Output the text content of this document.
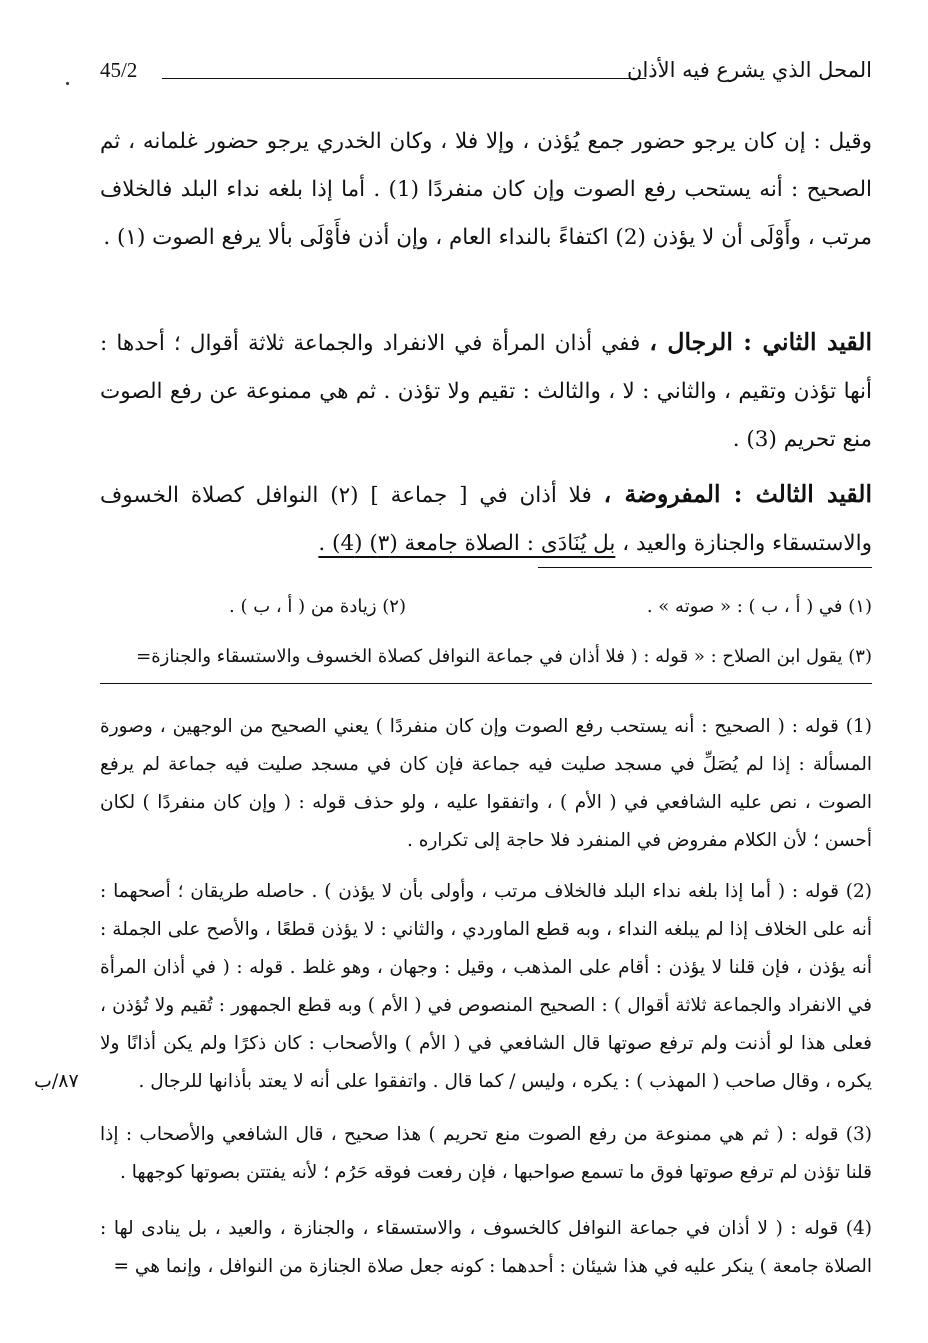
المحل الذي يشرع فيه الأذان
45/2

وقيل : إن كان يرجو حضور جمع يُؤذن ، وإلا فلا ، وكان الخدري يرجو حضور غلمانه ، ثم الصحيح : أنه يستحب رفع الصوت وإن كان منفردًا (1) . أما إذا بلغه نداء البلد فالخلاف مرتب ، وأَوْلَى أن لا يؤذن (2) اكتفاءً بالنداء العام ، وإن أذن فأَوْلَى بألا يرفع الصوت (١) .

القيد الثاني : الرجال ، ففي أذان المرأة في الانفراد والجماعة ثلاثة أقوال ؛ أحدها : أنها تؤذن وتقيم ، والثاني : لا ، والثالث : تقيم ولا تؤذن . ثم هي ممنوعة عن رفع الصوت منع تحريم (3) .

القيد الثالث : المفروضة ، فلا أذان في [ جماعة ] (٢) النوافل كصلاة الخسوف والاستسقاء والجنازة والعيد ، بل يُنَادَى : الصلاة جامعة (٣) (4) .

(١) في ( أ ، ب ) : « صوته » .
(٢) زيادة من ( أ ، ب ) .
(٣) يقول ابن الصلاح : « قوله : ( فلا أذان في جماعة النوافل كصلاة الخسوف والاستسقاء والجنازة=

(1) قوله : ( الصحيح : أنه يستحب رفع الصوت وإن كان منفردًا ) يعني الصحيح من الوجهين ، وصورة المسألة : إذا لم يُصَلِّ في مسجد صليت فيه جماعة فإن كان في مسجد صليت فيه جماعة لم يرفع الصوت ، نص عليه الشافعي في ( الأم ) ، واتفقوا عليه ، ولو حذف قوله : ( وإن كان منفردًا ) لكان أحسن ؛ لأن الكلام مفروض في المنفرد فلا حاجة إلى تكراره .

(2) قوله : ( أما إذا بلغه نداء البلد فالخلاف مرتب ، وأولى بأن لا يؤذن ) . حاصله طريقان ؛ أصحهما : أنه على الخلاف إذا لم يبلغه النداء ، وبه قطع الماوردي ، والثاني : لا يؤذن قطعًا ، والأصح على الجملة : أنه يؤذن ، فإن قلنا لا يؤذن : أقام على المذهب ، وقيل : وجهان ، وهو غلط . قوله : ( في أذان المرأة في الانفراد والجماعة ثلاثة أقوال ) : الصحيح المنصوص في ( الأم ) وبه قطع الجمهور : تُقيم ولا تُؤذن ، فعلى هذا لو أذنت ولم ترفع صوتها قال الشافعي في ( الأم ) والأصحاب : كان ذكرًا ولم يكن أذانًا ولا يكره ، وقال صاحب ( المهذب ) : يكره ، وليس / كما قال . واتفقوا على أنه لا يعتد بأذانها للرجال .

٨٧/ب

(3) قوله : ( ثم هي ممنوعة من رفع الصوت منع تحريم ) هذا صحيح ، قال الشافعي والأصحاب : إذا قلنا تؤذن لم ترفع صوتها فوق ما تسمع صواحبها ، فإن رفعت فوقه حَرُم ؛ لأنه يفتتن بصوتها كوجهها .

(4) قوله : ( لا أذان في جماعة النوافل كالخسوف ، والاستسقاء ، والجنازة ، والعيد ، بل ينادى لها : الصلاة جامعة ) ينكر عليه في هذا شيئان : أحدهما : كونه جعل صلاة الجنازة من النوافل ، وإنما هي =
